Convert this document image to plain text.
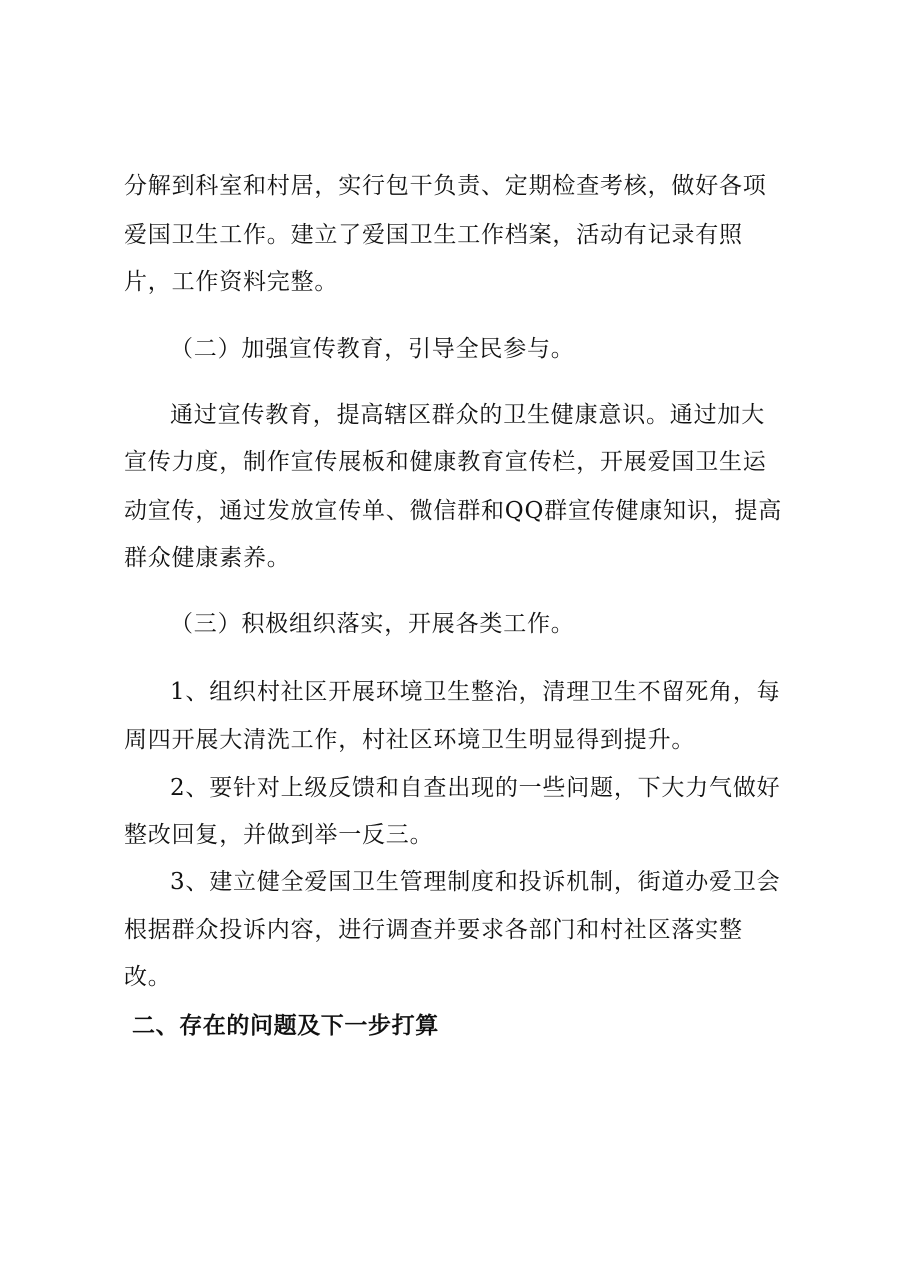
分解到科室和村居，实行包干负责、定期检查考核，做好各项
爱国卫生工作。建立了爱国卫生工作档案，活动有记录有照
片，工作资料完整。
（二）加强宣传教育，引导全民参与。
通过宣传教育，提高辖区群众的卫生健康意识。通过加大
宣传力度，制作宣传展板和健康教育宣传栏，开展爱国卫生运
动宣传，通过发放宣传单、微信群和QQ群宣传健康知识，提高
群众健康素养。
（三）积极组织落实，开展各类工作。
1、组织村社区开展环境卫生整治，清理卫生不留死角，每
周四开展大清洗工作，村社区环境卫生明显得到提升。
2、要针对上级反馈和自查出现的一些问题，下大力气做好
整改回复，并做到举一反三。
3、建立健全爱国卫生管理制度和投诉机制，街道办爱卫会
根据群众投诉内容，进行调查并要求各部门和村社区落实整
改。
二、存在的问题及下一步打算
